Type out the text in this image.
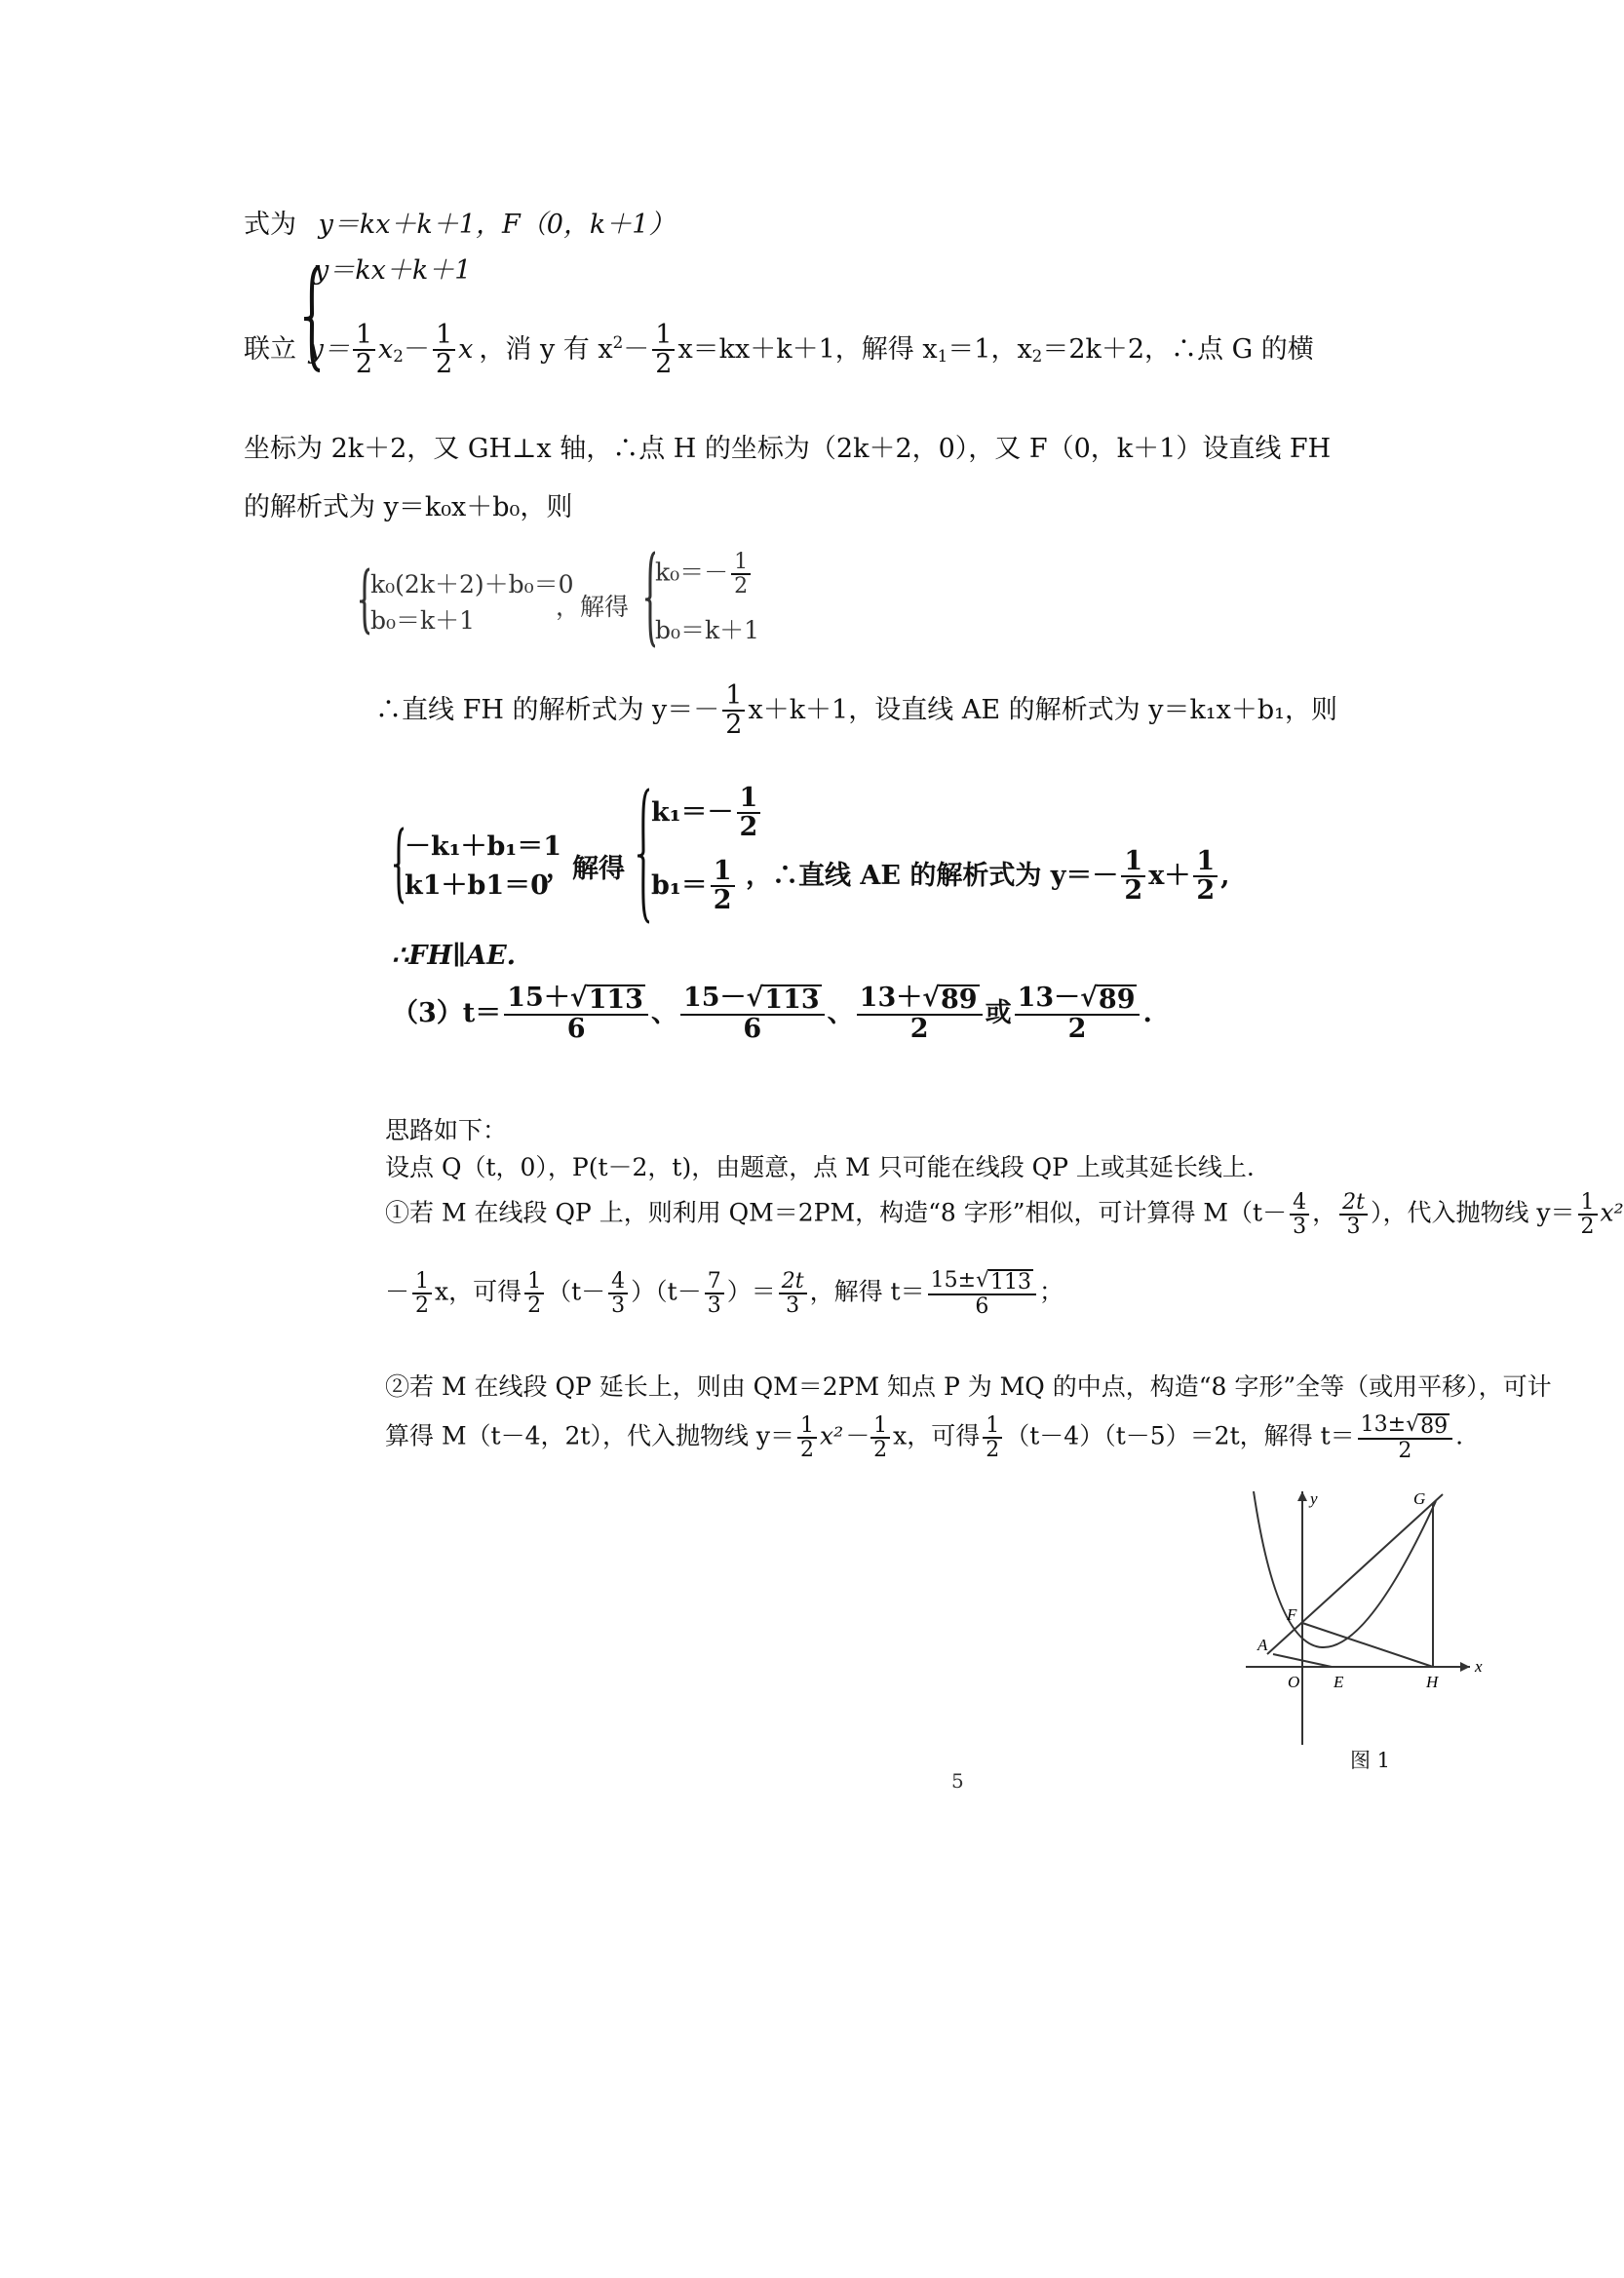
式为 y＝kx＋k＋1，F（0，k＋1）
y＝kx＋k＋1
联立 $y= \frac{1}{2} x_2- \frac{1}{2}$ x ，消 y 有 $x^2- \frac{1}{2} x=kx+k+1$，解得 $x_1=1$，$x_2=2k+2$，∴点 G 的横
坐标为 2k＋2，又 GH⊥x 轴，∴点 H 的坐标为（2k＋2，0），又 F（0，k＋1）设直线 FH
的解析式为 y＝k₀x＋b₀，则
k₀(2k＋2)＋b₀＝0
b₀＝k＋1	，解得
$k_0=- \frac{1}{2}$
b₀＝k＋1
∴直线 FH 的解析式为 $y=- \frac{1}{2} x+k+1$，设直线 AE 的解析式为 y＝k₁x＋b₁，则
－k₁＋b₁＝1
k1＋b1＝0
，解得
$k_1=- \frac{1}{2}$
$b_1= \frac{1}{2}$ ，∴直线 AE 的解析式为 $y=- \frac{1}{2} x+ \frac{1}{2}$ ,
∴FH∥AE.
$(3)t= \frac{15+ √ 113}{6}$ 、 $\frac{15- √ 113}{6}$ 、 $\frac{13+ √ 89}{2}$ 或 $\frac{13- √ 89}{2}$ .
思路如下：
设点 Q（t，0），P(t－2，t)，由题意，点 M 只可能在线段 QP 上或其延长线上.
①若 M 在线段 QP 上，则利用 QM＝2PM，构造“8 字形”相似，可计算得 $M(t- \frac{4}{3}$ ， $\frac{2t}{3}$ ），代入抛物线 $y= \frac{1}{2} x^2$
－ $\frac{1}{2}$ x，可得 $\frac{1}{2} (t- \frac{4}{3} )(t- \frac{7}{3}$ ）＝ $\frac{2t}{3}$ ，解得 $t= \frac{15\pm √ 113}{6}$ ；
②若 M 在线段 QP 延长上，则由 QM＝2PM 知点 P 为 MQ 的中点，构造“8 字形”全等（或用平移），可计
算得 M（t－4，2t），代入抛物线 $y= \frac{1}{2} x^2- \frac{1}{2}$ x，可得 $\frac{1}{2} (t-4)(t-5)=2t$，解得 $t= \frac{13\pm √ 89}{2}$ .
y
x
G
F
A
O E	H
图 1
5
